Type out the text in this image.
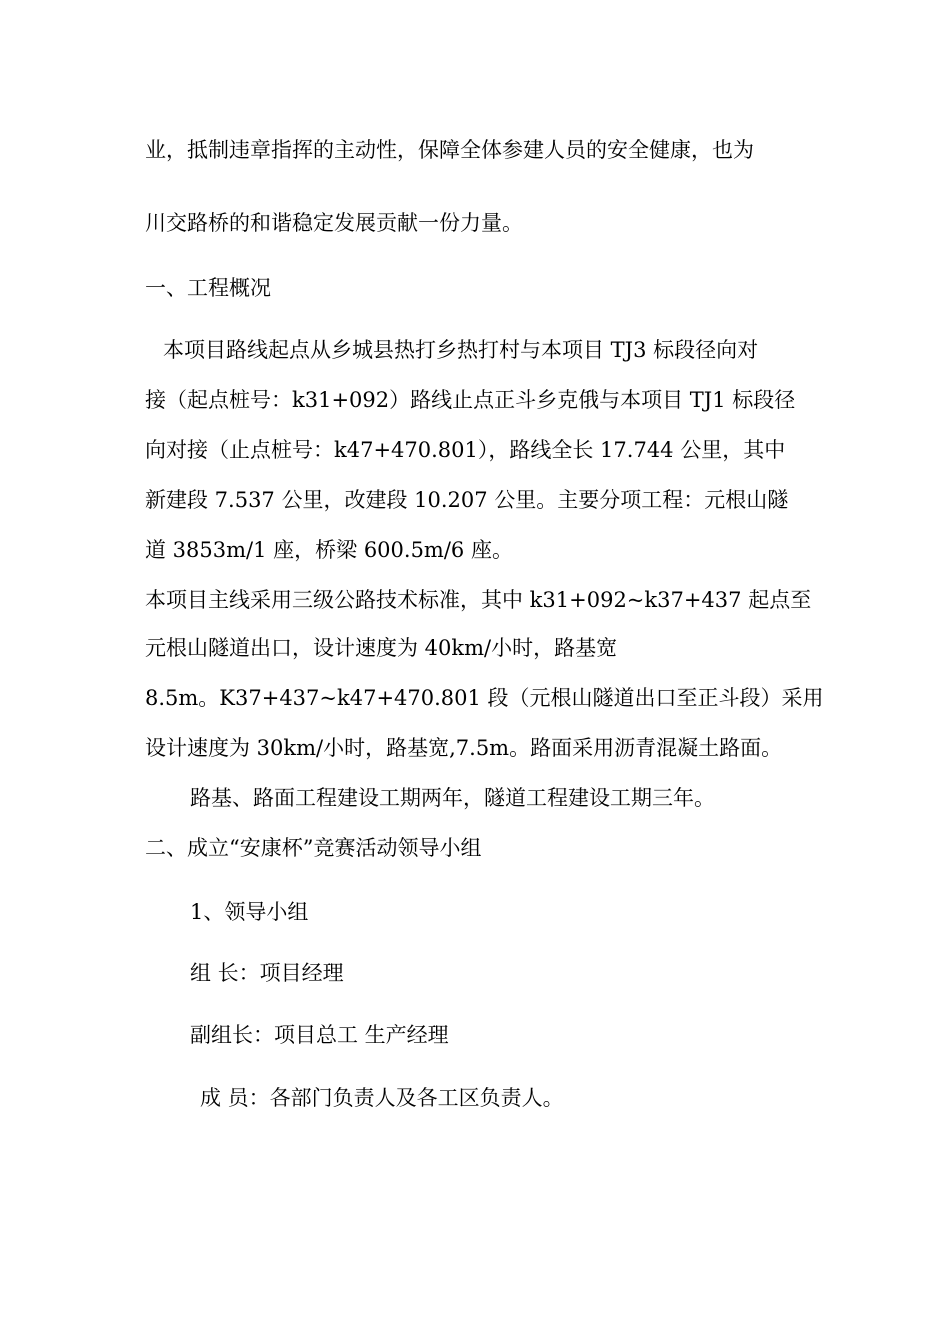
业，抵制违章指挥的主动性，保障全体参建人员的安全健康，也为
川交路桥的和谐稳定发展贡献一份力量。
一、工程概况
本项目路线起点从乡城县热打乡热打村与本项目 TJ3 标段径向对
接（起点桩号：k31+092）路线止点正斗乡克俄与本项目 TJ1 标段径
向对接（止点桩号：k47+470.801），路线全长 17.744 公里，其中
新建段 7.537 公里，改建段 10.207 公里。主要分项工程：元根山隧
道 3853m/1 座，桥梁 600.5m/6 座。
本项目主线采用三级公路技术标准，其中 k31+092~k37+437 起点至
元根山隧道出口，设计速度为 40km/小时，路基宽
8.5m。K37+437~k47+470.801 段（元根山隧道出口至正斗段）采用
设计速度为 30km/小时，路基宽,7.5m。路面采用沥青混凝土路面。
路基、路面工程建设工期两年，隧道工程建设工期三年。
二、成立“安康杯”竞赛活动领导小组
1、领导小组
组 长：项目经理
副组长：项目总工 生产经理
成 员：各部门负责人及各工区负责人。
